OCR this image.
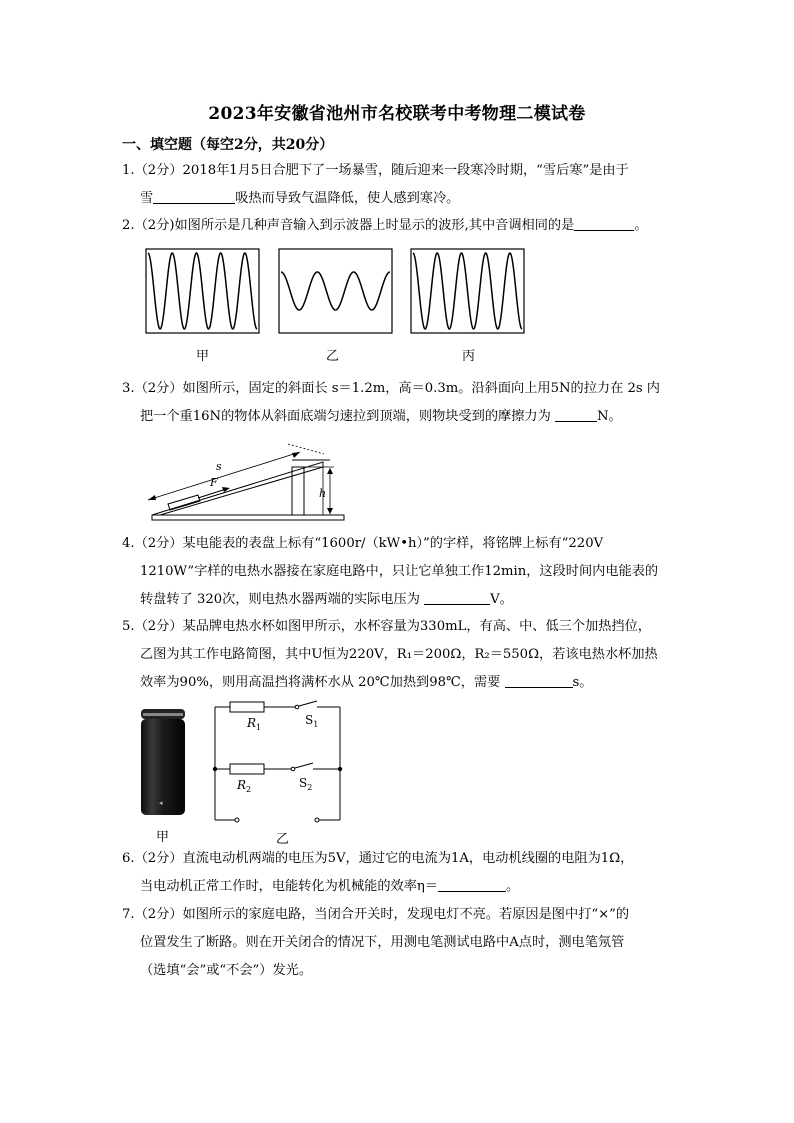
2023年安徽省池州市名校联考中考物理二模试卷
一、填空题（每空2分，共20分）
1.（2分）2018年1月5日合肥下了一场暴雪，随后迎来一段寒冷时期，“雪后寒”是由于
雪	吸热而导致气温降低，使人感到寒冷。
2.（2分)如图所示是几种声音输入到示波器上时显示的波形,其中音调相同的是	。
甲	乙	丙
3.（2分）如图所示，固定的斜面长 s＝1.2m，高＝0.3m。沿斜面向上用5N的拉力在 2s 内
把一个重16N的物体从斜面底端匀速拉到顶端，则物块受到的摩擦力为	N。
h
F
s
4.（2分）某电能表的表盘上标有“1600r/（kW•h）”的字样，将铭牌上标有“220V
1210W”字样的电热水器接在家庭电路中，只让它单独工作12min，这段时间内电能表的
转盘转了 320次，则电热水器两端的实际电压为	V。
5.（2分）某品牌电热水杯如图甲所示，水杯容量为330mL，有高、中、低三个加热挡位，
乙图为其工作电路简图，其中U恒为220V，R₁＝200Ω，R₂＝550Ω，若该电热水杯加热
效率为90%，则用高温挡将满杯水从 20℃加热到98℃，需要	s。
◂
甲
$R_1$
$S_1$
$R_2$	$S_2$
乙
6.（2分）直流电动机两端的电压为5V，通过它的电流为1A，电动机线圈的电阻为1Ω，
当电动机正常工作时，电能转化为机械能的效率η＝	。
7.（2分）如图所示的家庭电路，当闭合开关时，发现电灯不亮。若原因是图中打“×”的
位置发生了断路。则在开关闭合的情况下，用测电笔测试电路中A点时，测电笔氖管
（选填“会”或“不会”）发光。
